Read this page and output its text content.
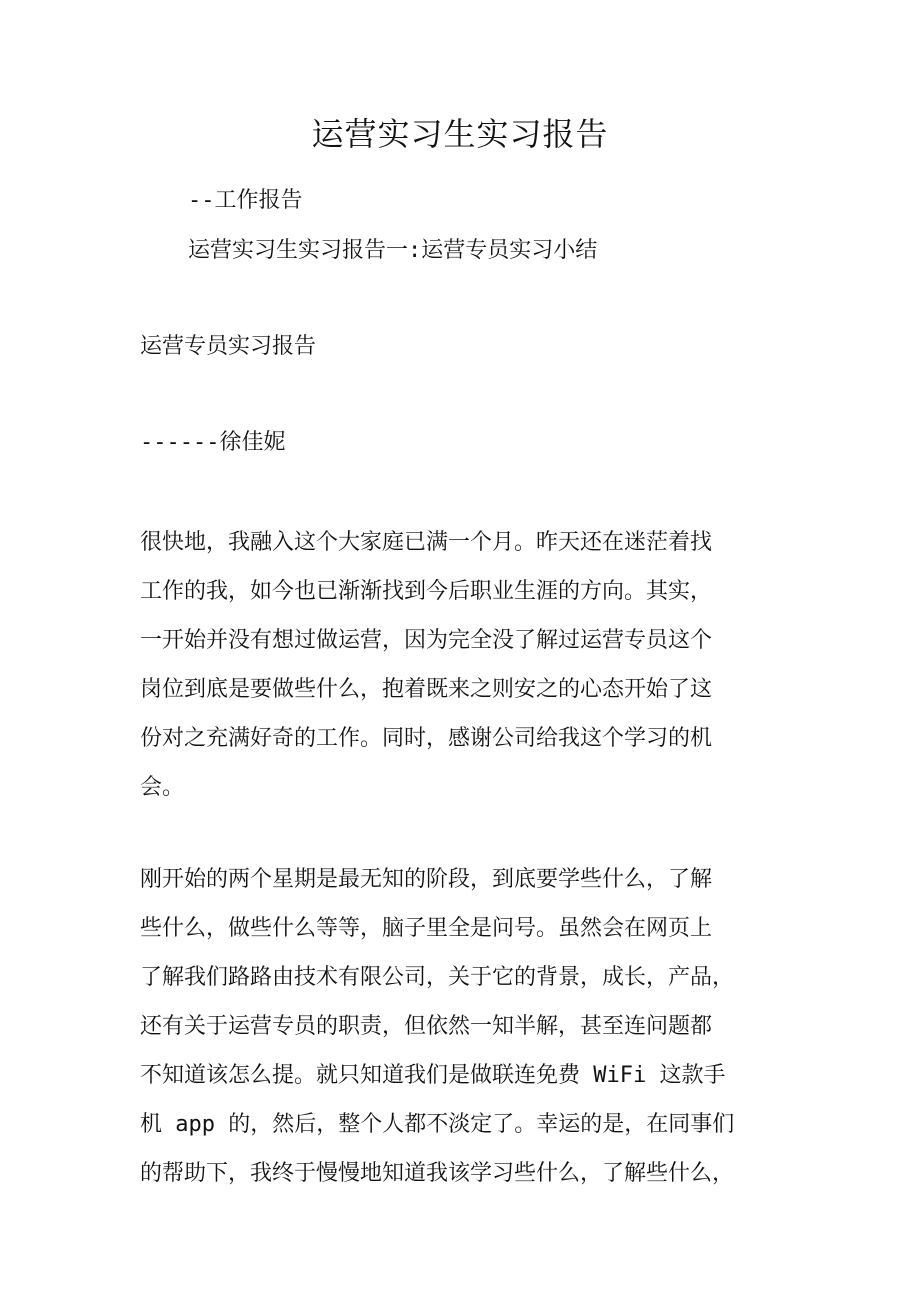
运营实习生实习报告
--工作报告
运营实习生实习报告一:运营专员实习小结
运营专员实习报告
------徐佳妮
很快地，我融入这个大家庭已满一个月。昨天还在迷茫着找
工作的我，如今也已渐渐找到今后职业生涯的方向。其实，
一开始并没有想过做运营，因为完全没了解过运营专员这个
岗位到底是要做些什么，抱着既来之则安之的心态开始了这
份对之充满好奇的工作。同时，感谢公司给我这个学习的机
会。
刚开始的两个星期是最无知的阶段，到底要学些什么，了解
些什么，做些什么等等，脑子里全是问号。虽然会在网页上
了解我们路路由技术有限公司，关于它的背景，成长，产品，
还有关于运营专员的职责，但依然一知半解，甚至连问题都
不知道该怎么提。就只知道我们是做联连免费 WiFi 这款手
机 app 的，然后，整个人都不淡定了。幸运的是，在同事们
的帮助下，我终于慢慢地知道我该学习些什么，了解些什么，
